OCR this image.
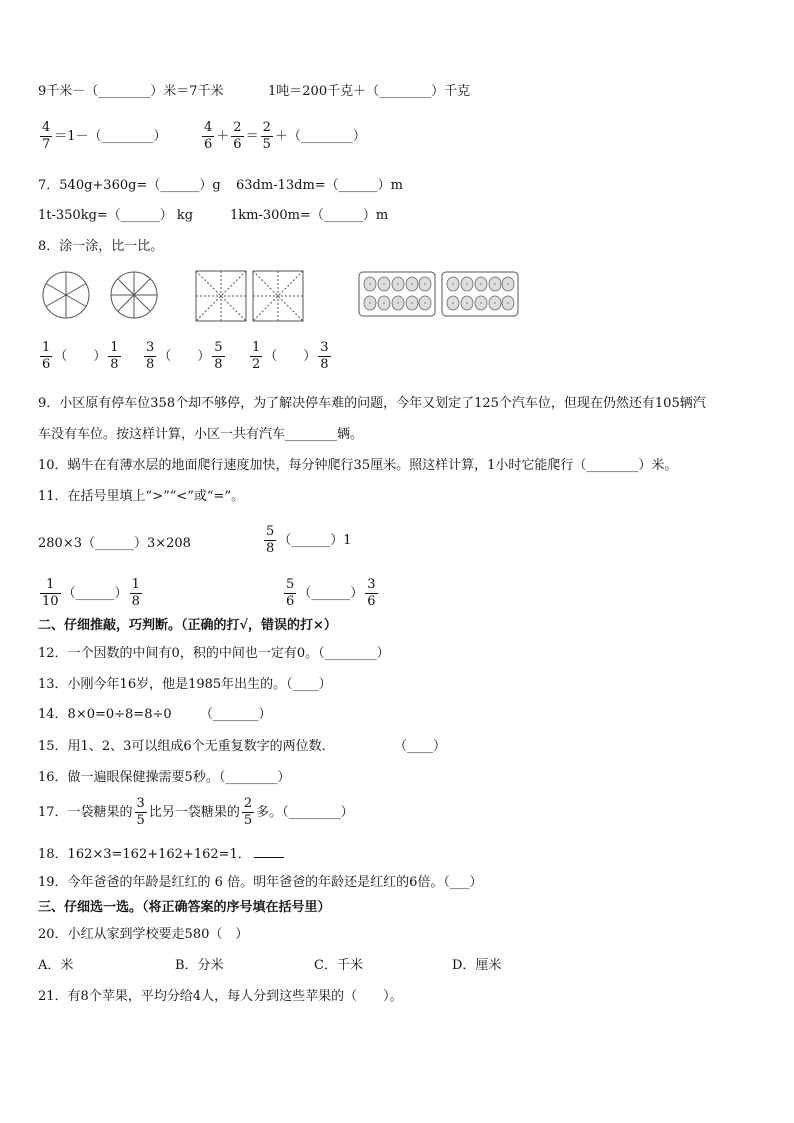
9千米－（________）米＝7千米	1吨＝200千克＋（________）千克
$\frac{4}{7}$ ＝1－（________）	$\frac{4}{6} + \frac{2}{6} = \frac{2}{5}$ ＋（________）
7．540g+360g=（______）g 63dm-13dm=（______）m
1t-350kg=（______） kg	1km-300m=（______）m
8．涂一涂，比一比。
$\frac{1}{6}$ （　　） $\frac{1}{8} \frac{3}{8}$ （　　） $\frac{5}{8} \frac{1}{2}$ （　　） $\frac{3}{8}$
9．小区原有停车位358个却不够停，为了解决停车难的问题，今年又划定了125个汽车位，但现在仍然还有105辆汽
车没有车位。按这样计算，小区一共有汽车________辆。
10．蜗牛在有薄水层的地面爬行速度加快，每分钟爬行35厘米。照这样计算，1小时它能爬行（________）米。
11．在括号里填上“>”“<”或“=”。
280×3（______）3×208	$\frac{5}{8}$ （______）1
$\frac{1}{10}$ （______） $\frac{1}{8}$	$\frac{5}{6}$ （______） $\frac{3}{6}$
二、仔细推敲，巧判断。（正确的打√，错误的打×）
12．一个因数的中间有0，积的中间也一定有0。（________）
13．小刚今年16岁，他是1985年出生的。（____）
14．8×0=0÷8=8÷0 （_______）
15．用1、2、3可以组成6个无重复数字的两位数．	（____）
16．做一遍眼保健操需要5秒。（________）
17．一袋糖果的 $\frac{3}{5}$ 比另一袋糖果的 $\frac{2}{5}$ 多。（________）
18．162×3=162+162+162=1．
19．今年爸爸的年龄是红红的 6 倍。明年爸爸的年龄还是红红的6倍。（___）
三、仔细选一选。（将正确答案的序号填在括号里）
20．小红从家到学校要走580（　）
A．米	B．分米	C．千米	D．厘米
21．有8个苹果，平均分给4人，每人分到这些苹果的（　　）。
